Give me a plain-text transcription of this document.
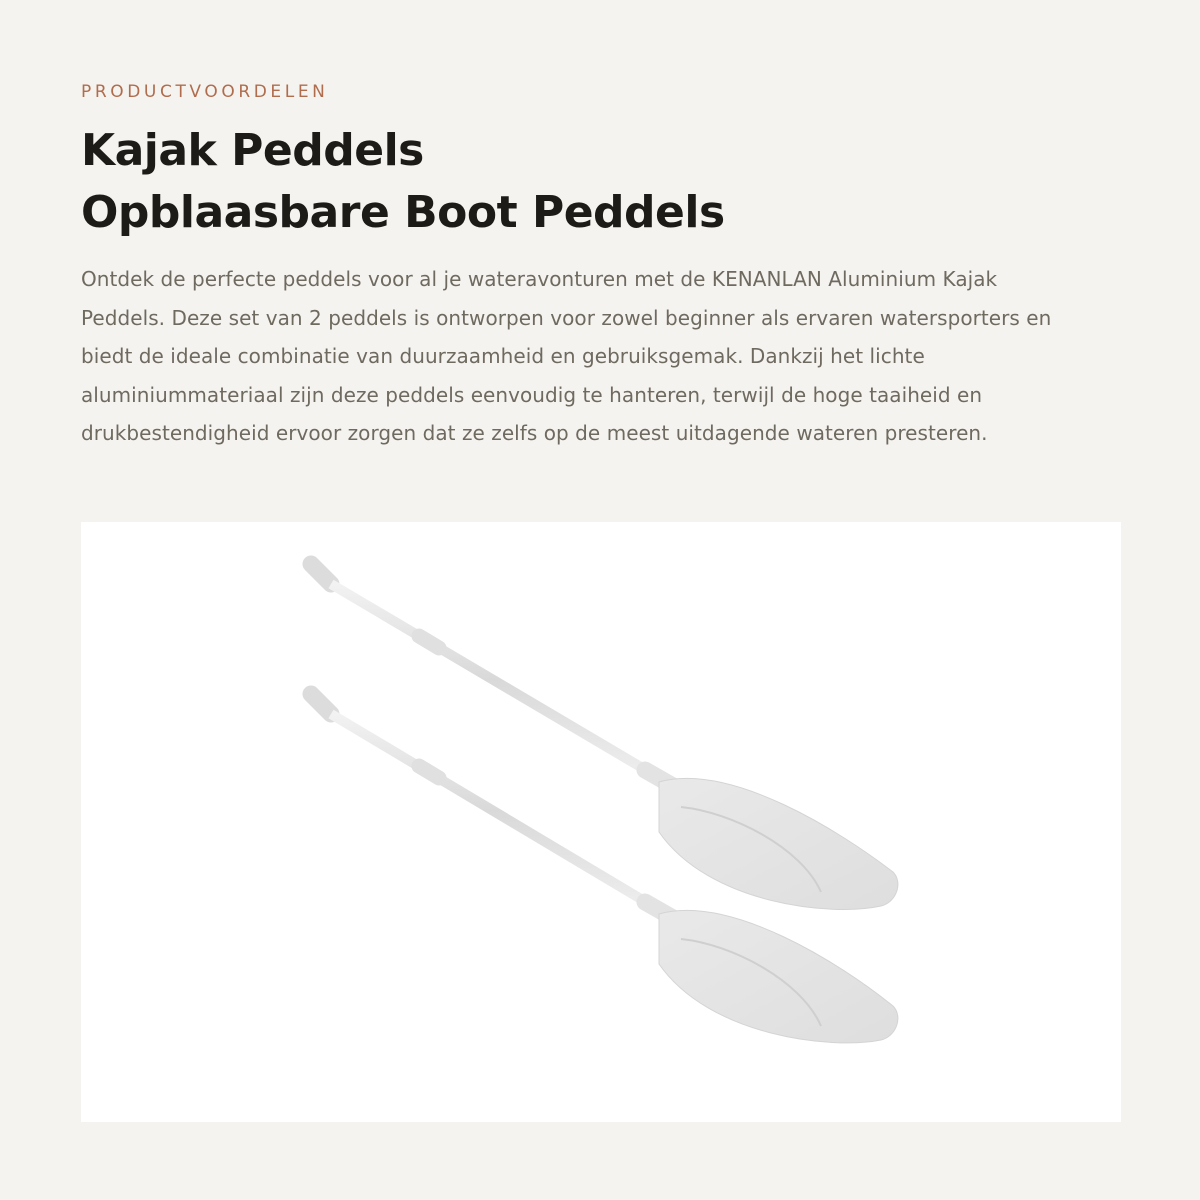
PRODUCTVOORDELEN

Kajak Peddels
Opblaasbare Boot Peddels

Ontdek de perfecte peddels voor al je wateravonturen met de KENANLAN Aluminium Kajak Peddels. Deze set van 2 peddels is ontworpen voor zowel beginner als ervaren watersporters en biedt de ideale combinatie van duurzaamheid en gebruiksgemak. Dankzij het lichte aluminiummateriaal zijn deze peddels eenvoudig te hanteren, terwijl de hoge taaiheid en drukbestendigheid ervoor zorgen dat ze zelfs op de meest uitdagende wateren presteren.
